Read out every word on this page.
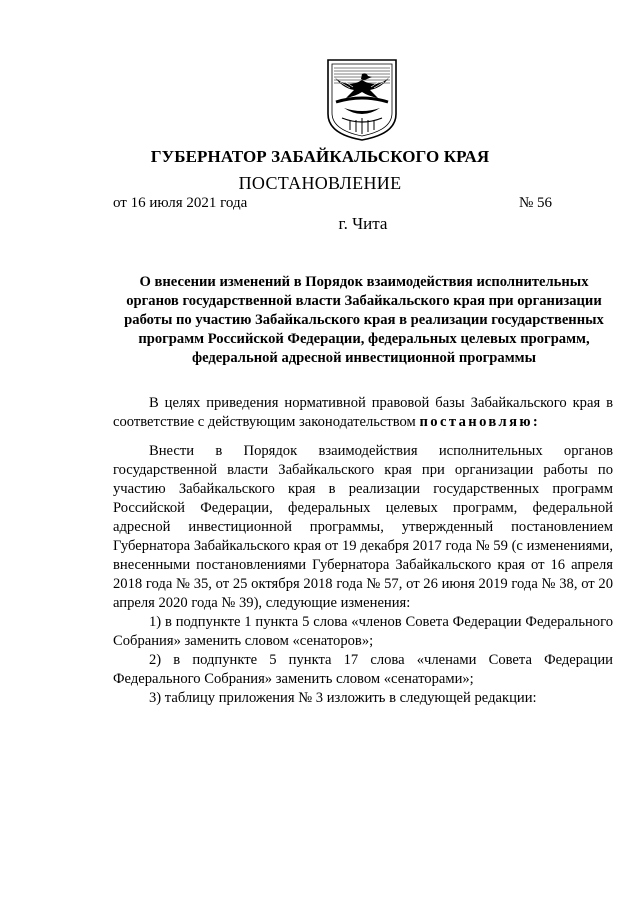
ГУБЕРНАТОР ЗАБАЙКАЛЬСКОГО КРАЯ
ПОСТАНОВЛЕНИЕ
от 16 июля 2021 года	№ 56
г. Чита
О внесении изменений в Порядок взаимодействия исполнительных органов государственной власти Забайкальского края при организации работы по участию Забайкальского края в реализации государственных программ Российской Федерации, федеральных целевых программ, федеральной адресной инвестиционной программы

В целях приведения нормативной правовой базы Забайкальского края в соответствие с действующим законодательством постановляю:

Внести в Порядок взаимодействия исполнительных органов государственной власти Забайкальского края при организации работы по участию Забайкальского края в реализации государственных программ Российской Федерации, федеральных целевых программ, федеральной адресной инвестиционной программы, утвержденный постановлением Губернатора Забайкальского края от 19 декабря 2017 года № 59 (с изменениями, внесенными постановлениями Губернатора Забайкальского края от 16 апреля 2018 года № 35, от 25 октября 2018 года № 57, от 26 июня 2019 года № 38, от 20 апреля 2020 года № 39), следующие изменения:

1) в подпункте 1 пункта 5 слова «членов Совета Федерации Федерального Собрания» заменить словом «сенаторов»;

2) в подпункте 5 пункта 17 слова «членами Совета Федерации Федерального Собрания» заменить словом «сенаторами»;

3) таблицу приложения № 3 изложить в следующей редакции:
